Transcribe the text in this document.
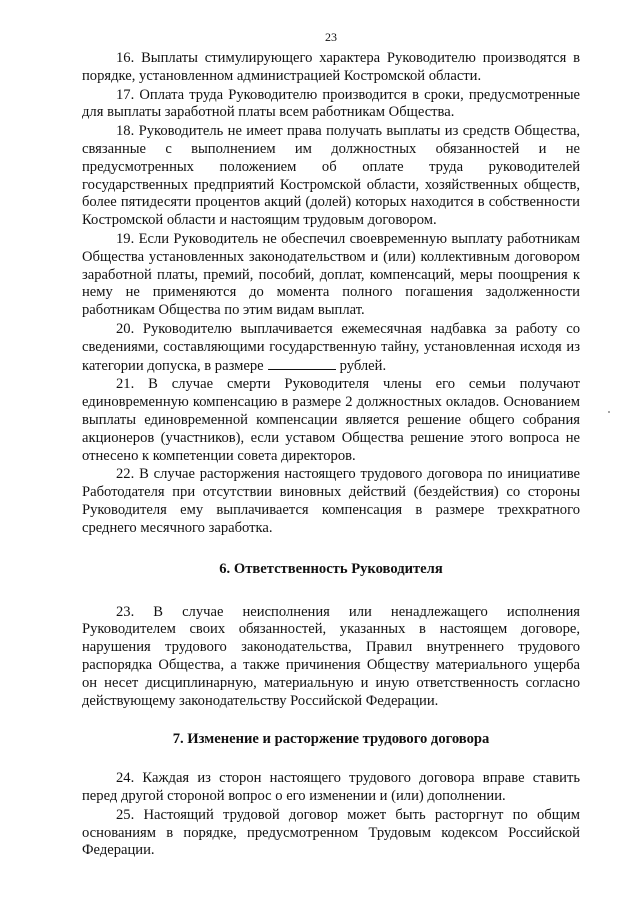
23

16. Выплаты стимулирующего характера Руководителю производятся в порядке, установленном администрацией Костромской области.

17. Оплата труда Руководителю производится в сроки, предусмотренные для выплаты заработной платы всем работникам Общества.

18. Руководитель не имеет права получать выплаты из средств Общества, связанные с выполнением им должностных обязанностей и не предусмотренных положением об оплате труда руководителей государственных предприятий Костромской области, хозяйственных обществ, более пятидесяти процентов акций (долей) которых находится в собственности Костромской области и настоящим трудовым договором.

19. Если Руководитель не обеспечил своевременную выплату работникам Общества установленных законодательством и (или) коллективным договором заработной платы, премий, пособий, доплат, компенсаций, меры поощрения к нему не применяются до момента полного погашения задолженности работникам Общества по этим видам выплат.

20. Руководителю выплачивается ежемесячная надбавка за работу со сведениями, составляющими государственную тайну, установленная исходя из категории допуска, в размере	рублей.

21. В случае смерти Руководителя члены его семьи получают единовременную компенсацию в размере 2 должностных окладов. Основанием выплаты единовременной компенсации является решение общего собрания акционеров (участников), если уставом Общества решение этого вопроса не отнесено к компетенции совета директоров.

22. В случае расторжения настоящего трудового договора по инициативе Работодателя при отсутствии виновных действий (бездействия) со стороны Руководителя ему выплачивается компенсация в размере трехкратного среднего месячного заработка.

6. Ответственность Руководителя

23. В случае неисполнения или ненадлежащего исполнения Руководителем своих обязанностей, указанных в настоящем договоре, нарушения трудового законодательства, Правил внутреннего трудового распорядка Общества, а также причинения Обществу материального ущерба он несет дисциплинарную, материальную и иную ответственность согласно действующему законодательству Российской Федерации.

7. Изменение и расторжение трудового договора

24. Каждая из сторон настоящего трудового договора вправе ставить перед другой стороной вопрос о его изменении и (или) дополнении.

25. Настоящий трудовой договор может быть расторгнут по общим основаниям в порядке, предусмотренном Трудовым кодексом Российской Федерации.
